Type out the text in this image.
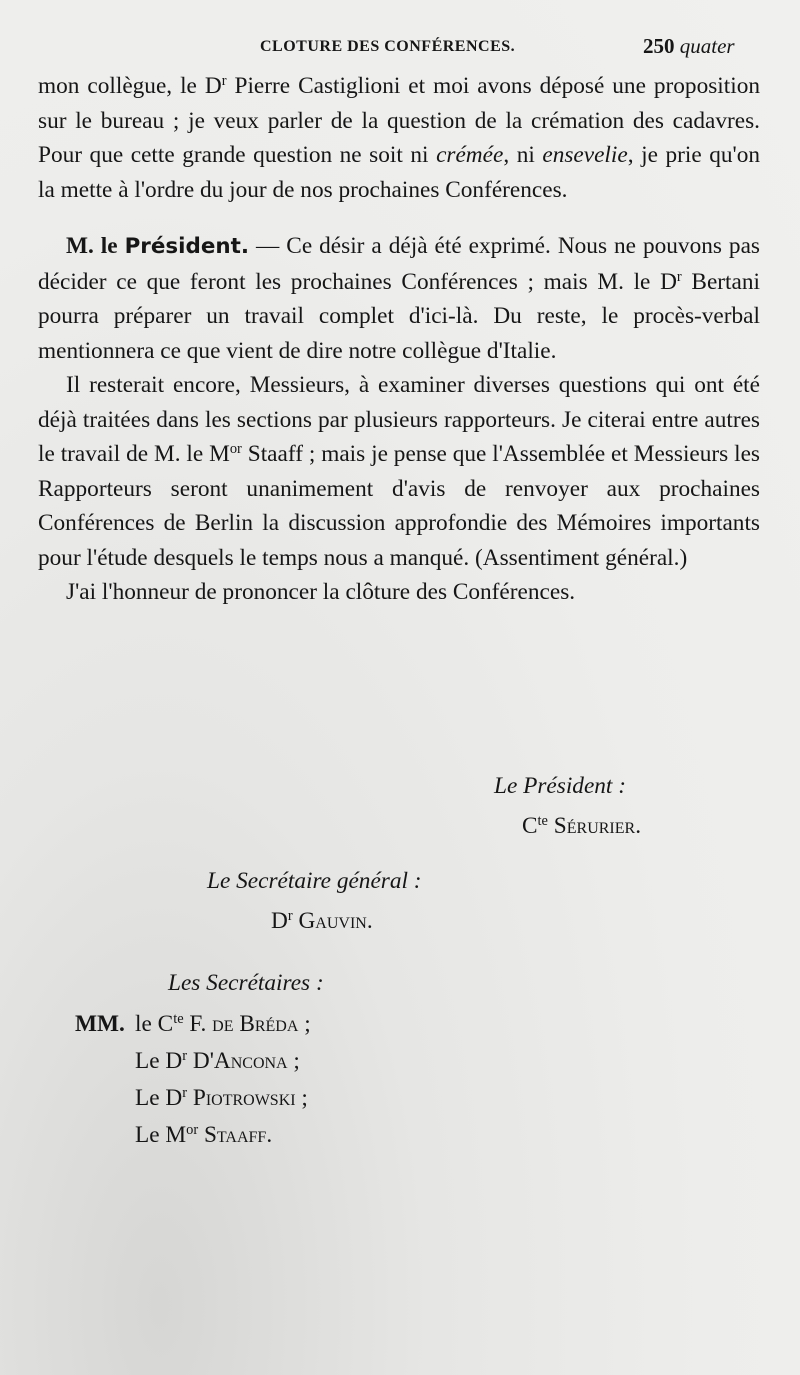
CLOTURE DES CONFÉRENCES.	250 quater

mon collègue, le $D^r$ Pierre Castiglioni et moi avons déposé une proposition sur le bureau ; je veux parler de la question de la crémation des cadavres. Pour que cette grande question ne soit ni crémée, ni ensevelie, je prie qu'on la mette à l'ordre du jour de nos prochaines Conférences.

M. le Président. — Ce désir a déjà été exprimé. Nous ne pouvons pas décider ce que feront les prochaines Conférences ; mais M. le $D^r$ Bertani pourra préparer un travail complet d'ici-là. Du reste, le procès-verbal mentionnera ce que vient de dire notre collègue d'Italie.

Il resterait encore, Messieurs, à examiner diverses questions qui ont été déjà traitées dans les sections par plusieurs rapporteurs. Je citerai entre autres le travail de M. le $M^{or}$ Staaff ; mais je pense que l'Assemblée et Messieurs les Rapporteurs seront unanimement d'avis de renvoyer aux prochaines Conférences de Berlin la discussion approfondie des Mémoires importants pour l'étude desquels le temps nous a manqué. (Assentiment général.)

J'ai l'honneur de prononcer la clôture des Conférences.

Le Président :
$C^{te}$ Sérurier.
Le Secrétaire général :
$D^r$ Gauvin.
Les Secrétaires :
MM. le $C^{te}$ F. de Bréda ;
Le $D^r$ D'Ancona ;
Le $D^r$ Piotrowski ;
Le $M^{or}$ Staaff.
